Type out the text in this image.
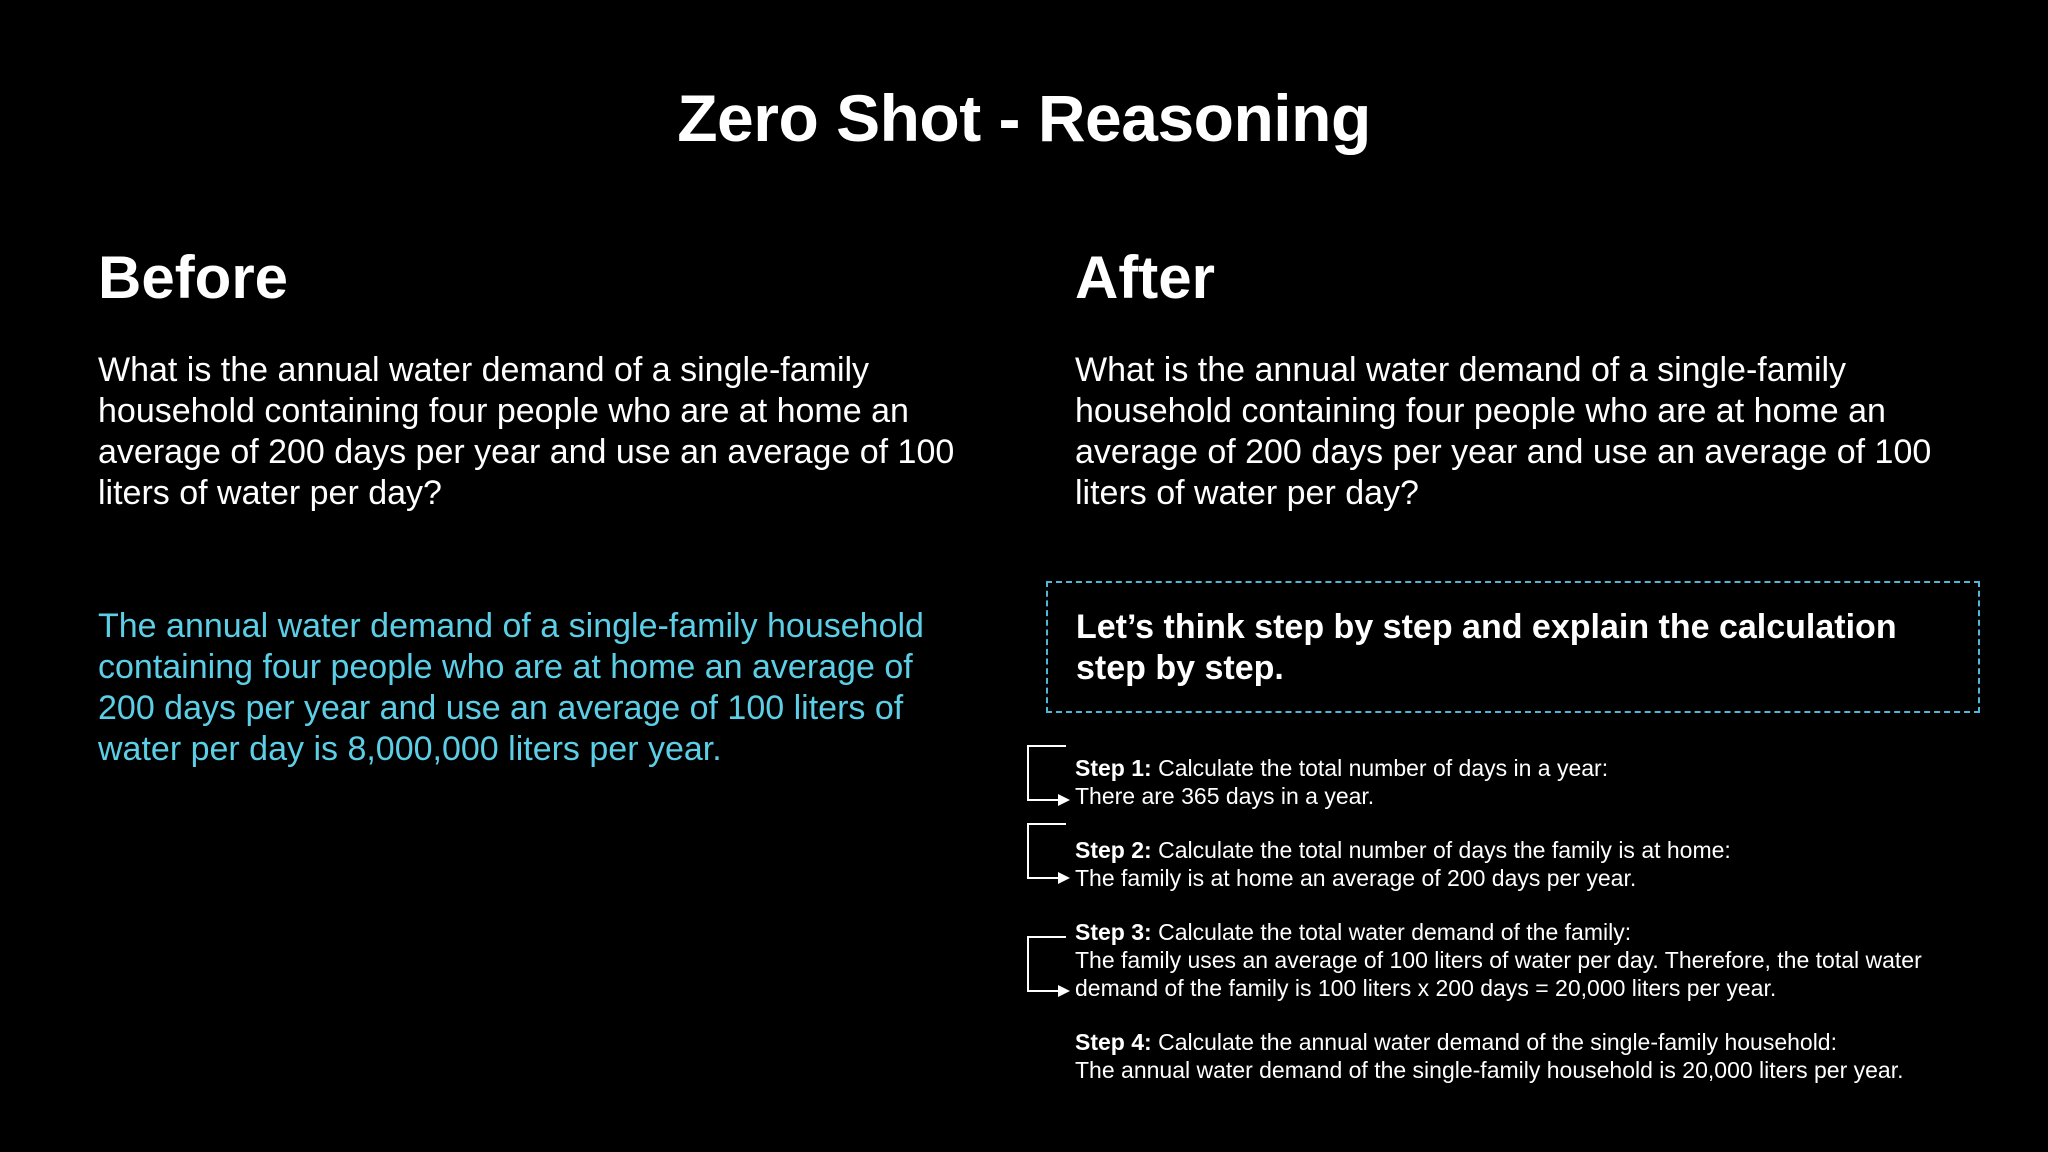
Zero Shot - Reasoning
Before
What is the annual water demand of a single-family household containing four people who are at home an average of 200 days per year and use an average of 100 liters of water per day?
The annual water demand of a single-family household containing four people who are at home an average of 200 days per year and use an average of 100 liters of water per day is 8,000,000 liters per year.
After
What is the annual water demand of a single-family household containing four people who are at home an average of 200 days per year and use an average of 100 liters of water per day?
Let’s think step by step and explain the calculation step by step.
Step 1: Calculate the total number of days in a year:
There are 365 days in a year.
Step 2: Calculate the total number of days the family is at home:
The family is at home an average of 200 days per year.
Step 3: Calculate the total water demand of the family:
The family uses an average of 100 liters of water per day. Therefore, the total water demand of the family is 100 liters x 200 days = 20,000 liters per year.
Step 4: Calculate the annual water demand of the single-family household:
The annual water demand of the single-family household is 20,000 liters per year.
